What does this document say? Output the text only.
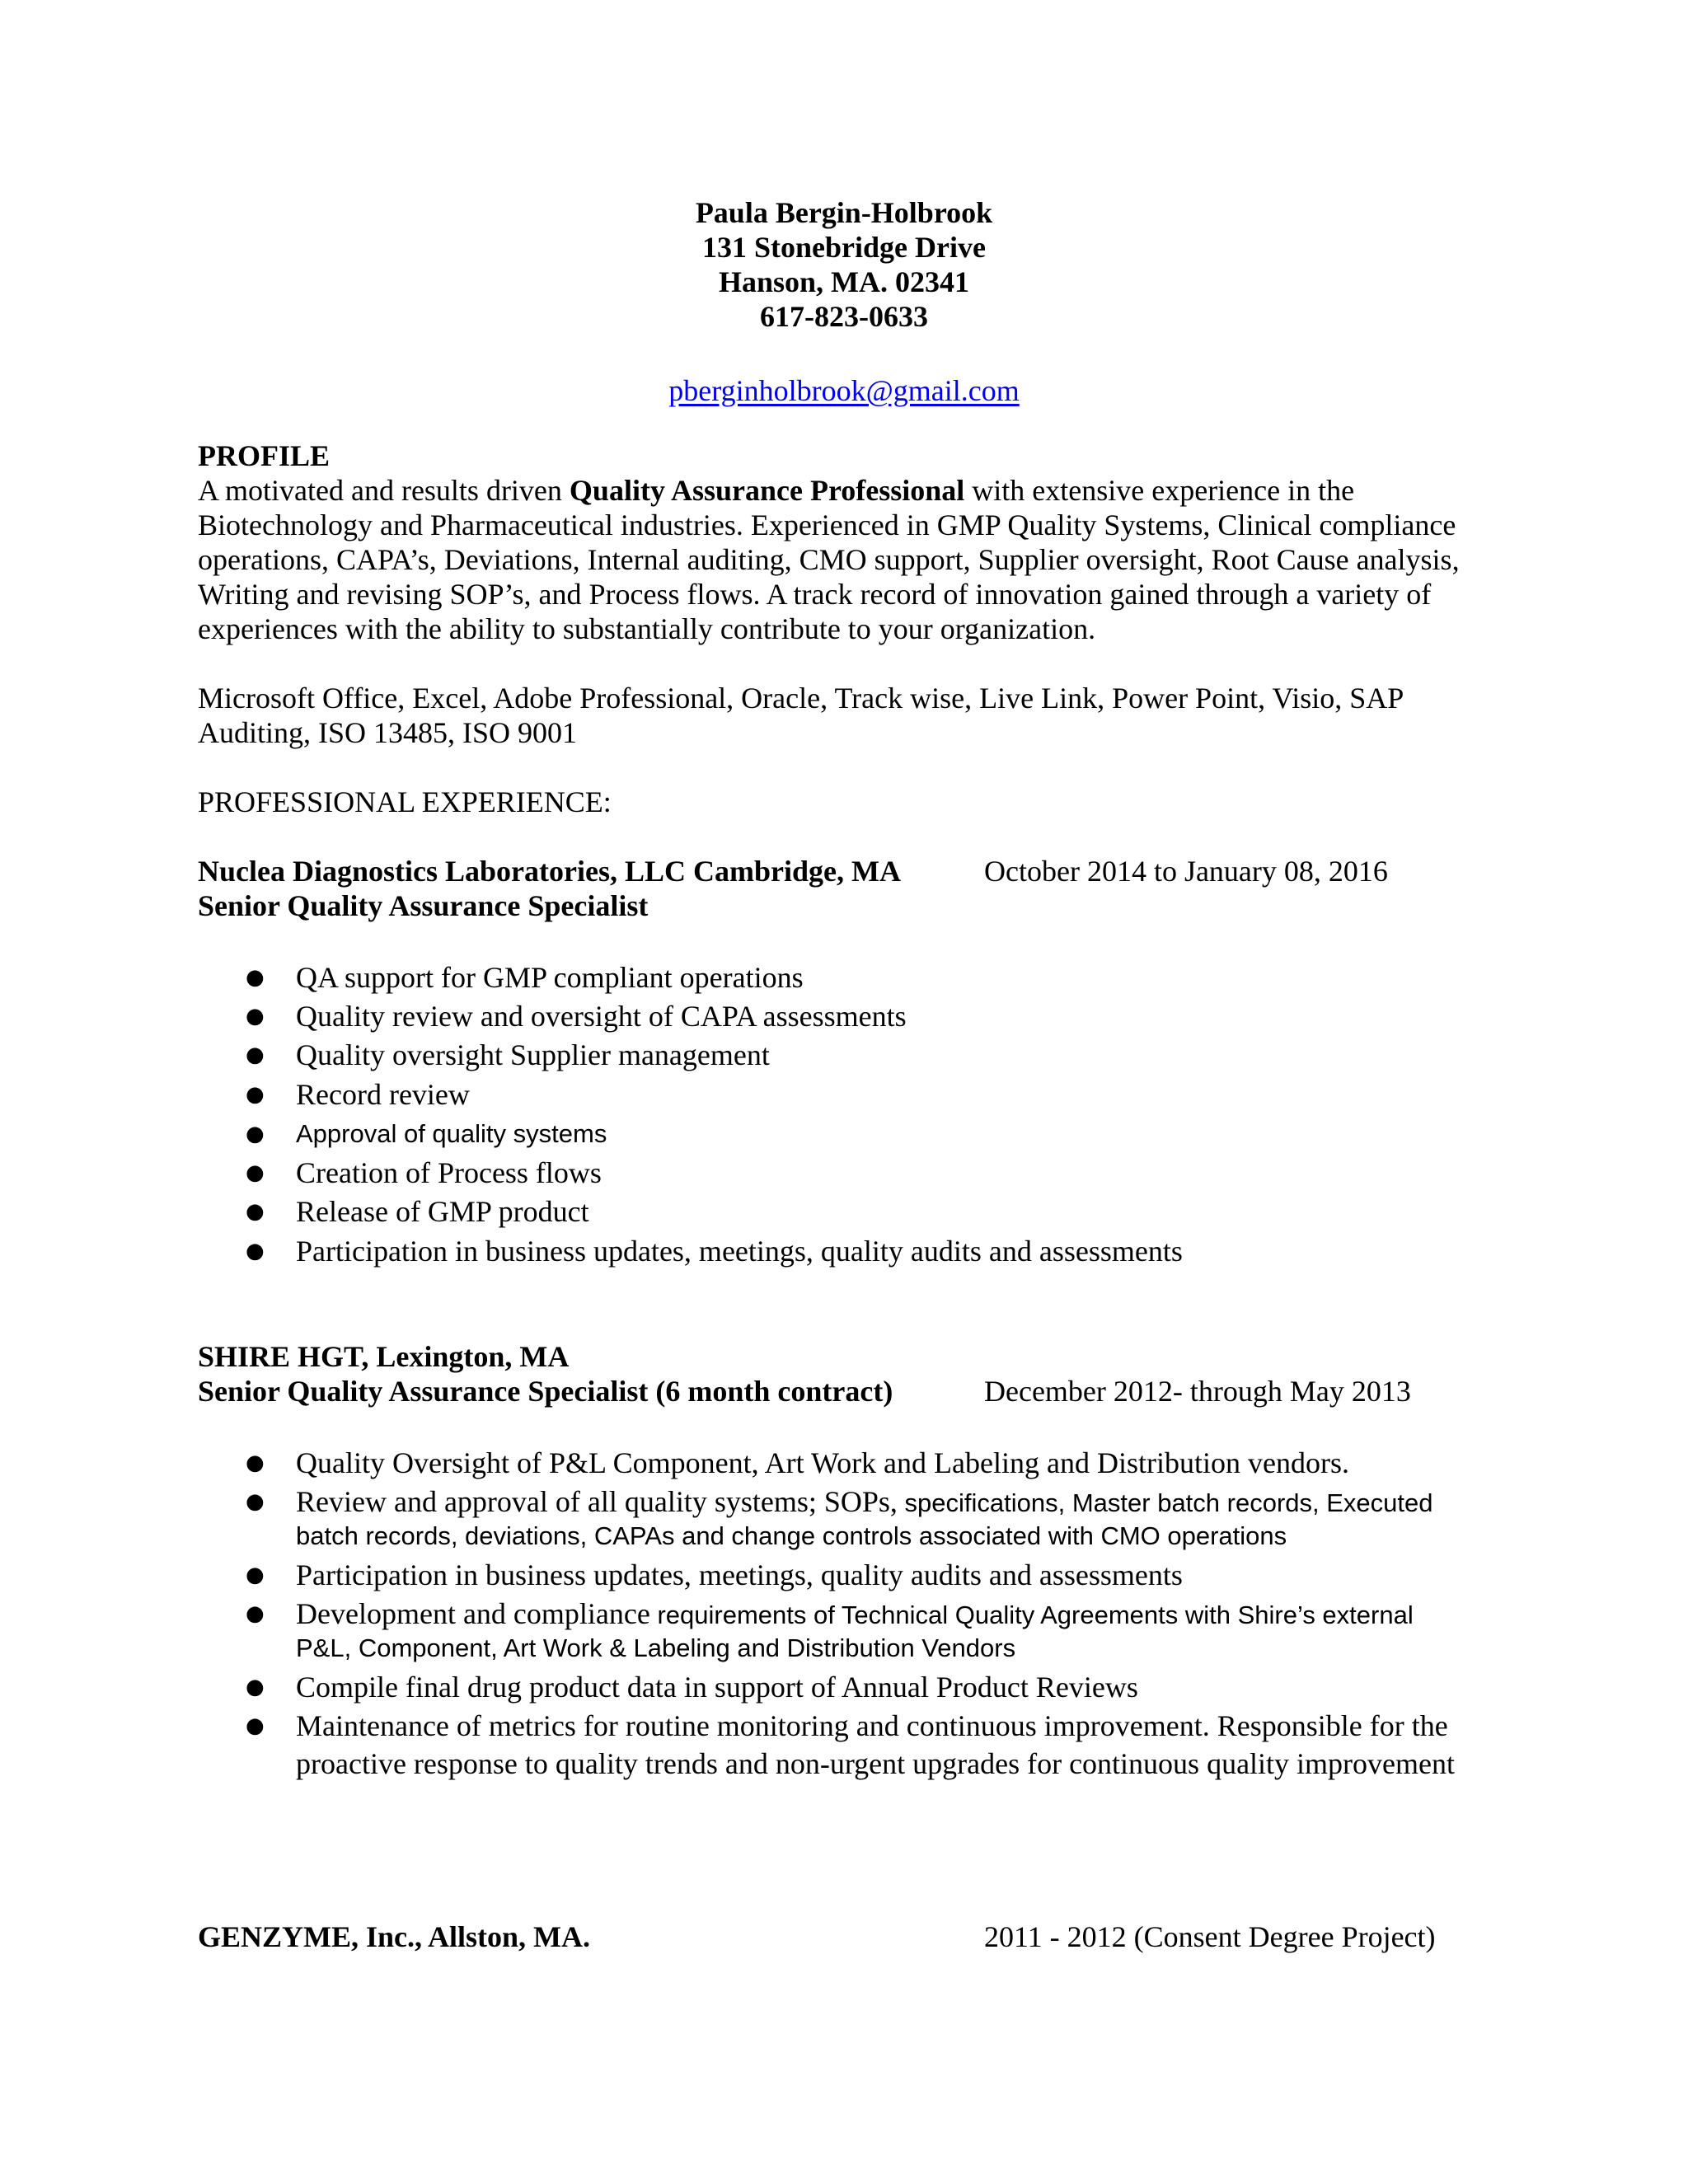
Paula Bergin-Holbrook
131 Stonebridge Drive
Hanson, MA. 02341
617-823-0633
pberginholbrook@gmail.com
PROFILE
A motivated and results driven Quality Assurance Professional with extensive experience in the
Biotechnology and Pharmaceutical industries. Experienced in GMP Quality Systems, Clinical compliance
operations, CAPA’s, Deviations, Internal auditing, CMO support, Supplier oversight, Root Cause analysis,
Writing and revising SOP’s, and Process flows. A track record of innovation gained through a variety of
experiences with the ability to substantially contribute to your organization.
Microsoft Office, Excel, Adobe Professional, Oracle, Track wise, Live Link, Power Point, Visio, SAP
Auditing, ISO 13485, ISO 9001
PROFESSIONAL EXPERIENCE:
Nuclea Diagnostics Laboratories, LLC Cambridge, MA	October 2014 to January 08, 2016
Senior Quality Assurance Specialist
● QA support for GMP compliant operations
● Quality review and oversight of CAPA assessments
● Quality oversight Supplier management
● Record review
● Approval of quality systems
● Creation of Process flows
● Release of GMP product
● Participation in business updates, meetings, quality audits and assessments
SHIRE HGT, Lexington, MA
Senior Quality Assurance Specialist (6 month contract)	December 2012- through May 2013
● Quality Oversight of P&L Component, Art Work and Labeling and Distribution vendors.
● Review and approval of all quality systems; SOPs, specifications, Master batch records, Executed
batch records, deviations, CAPAs and change controls associated with CMO operations
● Participation in business updates, meetings, quality audits and assessments
● Development and compliance requirements of Technical Quality Agreements with Shire’s external
P&L, Component, Art Work & Labeling and Distribution Vendors
● Compile final drug product data in support of Annual Product Reviews
● Maintenance of metrics for routine monitoring and continuous improvement. Responsible for the
proactive response to quality trends and non-urgent upgrades for continuous quality improvement
GENZYME, Inc., Allston, MA.	2011 - 2012 (Consent Degree Project)
